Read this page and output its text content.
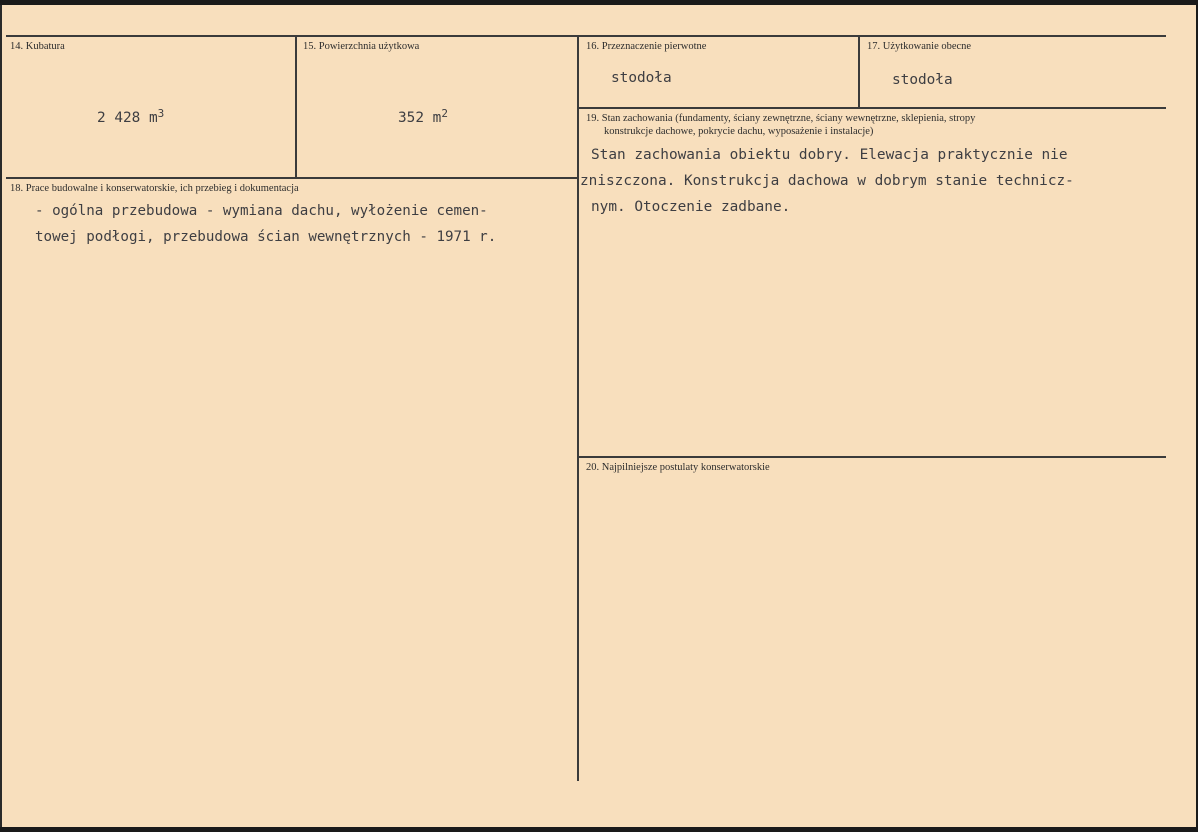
14. Kubatura
2 428 $m^3$
15. Powierzchnia użytkowa
352 $m^2$
16. Przeznaczenie pierwotne
stodoła
17. Użytkowanie obecne
stodoła
19. Stan zachowania (fundamenty, ściany zewnętrzne, ściany wewnętrzne, sklepienia, stropy
konstrukcje dachowe, pokrycie dachu, wyposażenie i instalacje)
Stan zachowania obiektu dobry. Elewacja praktycznie nie
zniszczona. Konstrukcja dachowa w dobrym stanie technicz-
nym. Otoczenie zadbane.
18. Prace budowalne i konserwatorskie, ich przebieg i dokumentacja
- ogólna przebudowa - wymiana dachu, wyłożenie cemen-
towej podłogi, przebudowa ścian wewnętrznych - 1971 r.
20. Najpilniejsze postulaty konserwatorskie
